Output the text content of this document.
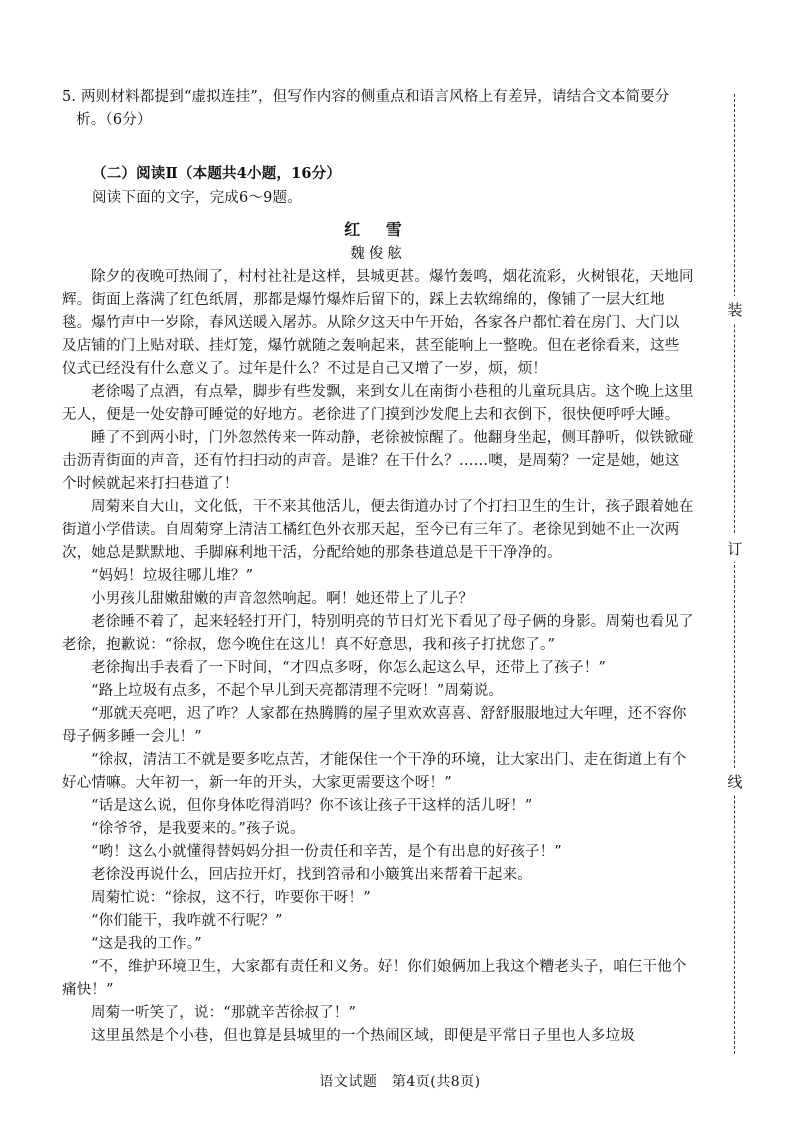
装
订
线

5. 两则材料都提到“虚拟连挂”，但写作内容的侧重点和语言风格上有差异，请结合文本简要分析。（6分）

（二）阅读Ⅱ（本题共4小题，16分）
阅读下面的文字，完成6～9题。
红 雪
魏俊舷

除夕的夜晚可热闹了，村村社社是这样，县城更甚。爆竹轰鸣，烟花流彩，火树银花，天地同辉。街面上落满了红色纸屑，那都是爆竹爆炸后留下的，踩上去软绵绵的，像铺了一层大红地毯。爆竹声中一岁除，春风送暖入屠苏。从除夕这天中午开始，各家各户都忙着在房门、大门以及店铺的门上贴对联、挂灯笼，爆竹就随之轰响起来，甚至能响上一整晚。但在老徐看来，这些仪式已经没有什么意义了。过年是什么？不过是自己又增了一岁，烦，烦！

老徐喝了点酒，有点晕，脚步有些发飘，来到女儿在南街小巷租的儿童玩具店。这个晚上这里无人，便是一处安静可睡觉的好地方。老徐进了门摸到沙发爬上去和衣倒下，很快便呼呼大睡。

睡了不到两小时，门外忽然传来一阵动静，老徐被惊醒了。他翻身坐起，侧耳静听，似铁锨碰击沥青街面的声音，还有竹扫扫动的声音。是谁？在干什么？……噢，是周菊？一定是她，她这个时候就起来打扫巷道了！

周菊来自大山，文化低，干不来其他活儿，便去街道办讨了个打扫卫生的生计，孩子跟着她在街道小学借读。自周菊穿上清洁工橘红色外衣那天起，至今已有三年了。老徐见到她不止一次两次，她总是默默地、手脚麻利地干活，分配给她的那条巷道总是干干净净的。

“妈妈！垃圾往哪儿堆？”

小男孩儿甜嫩甜嫩的声音忽然响起。啊！她还带上了儿子？

老徐睡不着了，起来轻轻打开门，特别明亮的节日灯光下看见了母子俩的身影。周菊也看见了老徐，抱歉说：“徐叔，您今晚住在这儿！真不好意思，我和孩子打扰您了。”

老徐掏出手表看了一下时间，“才四点多呀，你怎么起这么早，还带上了孩子！”

“路上垃圾有点多，不起个早儿到天亮都清理不完呀！”周菊说。

“那就天亮吧，迟了咋？人家都在热腾腾的屋子里欢欢喜喜、舒舒服服地过大年哩，还不容你母子俩多睡一会儿！”

“徐叔，清洁工不就是要多吃点苦，才能保住一个干净的环境，让大家出门、走在街道上有个好心情嘛。大年初一，新一年的开头，大家更需要这个呀！”

“话是这么说，但你身体吃得消吗？你不该让孩子干这样的活儿呀！”

“徐爷爷，是我要来的。”孩子说。

“哟！这么小就懂得替妈妈分担一份责任和辛苦，是个有出息的好孩子！”

老徐没再说什么，回店拉开灯，找到笤帚和小簸箕出来帮着干起来。

周菊忙说：“徐叔，这不行，咋要你干呀！”

“你们能干，我咋就不行呢？”

“这是我的工作。”

“不，维护环境卫生，大家都有责任和义务。好！你们娘俩加上我这个糟老头子，咱仨干他个痛快！”

周菊一听笑了，说：“那就辛苦徐叔了！”

这里虽然是个小巷，但也算是县城里的一个热闹区域，即便是平常日子里也人多垃圾

语文试题　第4页(共8页)
